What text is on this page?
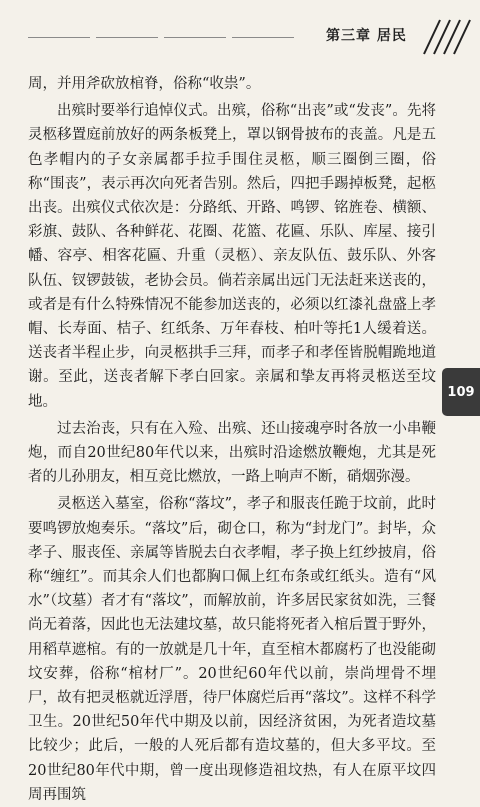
第三章 居民

周，并用斧砍放棺脊，俗称“收祟”。

出殡时要举行追悼仪式。出殡，俗称“出丧”或“发丧”。先将灵柩移置庭前放好的两条板凳上，罩以钢骨披布的丧盖。凡是五色孝帽内的子女亲属都手拉手围住灵柩，顺三圈倒三圈，俗称“围丧”，表示再次向死者告别。然后，四把手踢掉板凳，起柩出丧。出殡仪式依次是：分路纸、开路、鸣锣、铭旌卷、横额、彩旗、鼓队、各种鲜花、花圈、花篮、花匾、乐队、库屋、接引幡、容亭、相客花匾、升重（灵柩）、亲友队伍、鼓乐队、外客队伍、钗锣鼓钹，老协会员。倘若亲属出远门无法赶来送丧的，或者是有什么特殊情况不能参加送丧的，必须以红漆礼盘盛上孝帽、长寿面、桔子、红纸条、万年春枝、柏叶等托1人缓着送。送丧者半程止步，向灵柩拱手三拜，而孝子和孝侄皆脱帽跪地道谢。至此，送丧者解下孝白回家。亲属和挚友再将灵柩送至坟地。

过去治丧，只有在入殓、出殡、还山接魂亭时各放一小串鞭炮，而自20世纪80年代以来，出殡时沿途燃放鞭炮，尤其是死者的儿孙朋友，相互竞比燃放，一路上响声不断，硝烟弥漫。

灵柩送入墓室，俗称“落坟”，孝子和服丧任跪于坟前，此时要鸣锣放炮奏乐。“落坟”后，砌仓口，称为“封龙门”。封毕，众孝子、服丧侄、亲属等皆脱去白衣孝帽，孝子换上红纱披肩，俗称“缠红”。而其余人们也都胸口佩上红布条或红纸头。造有“风水”（坟墓）者才有“落坟”，而解放前，许多居民家贫如洗，三餐尚无着落，因此也无法建坟墓，故只能将死者入棺后置于野外，用稻草遮棺。有的一放就是几十年，直至棺木都腐朽了也没能砌坟安葬，俗称“棺材厂”。20世纪60年代以前，崇尚埋骨不埋尸，故有把灵柩就近浮厝，待尸体腐烂后再“落坟”。这样不科学卫生。20世纪50年代中期及以前，因经济贫困，为死者造坟墓比较少；此后，一般的人死后都有造坟墓的，但大多平坟。至20世纪80年代中期，曾一度出现修造祖坟热，有人在原平坟四周再围筑

109
